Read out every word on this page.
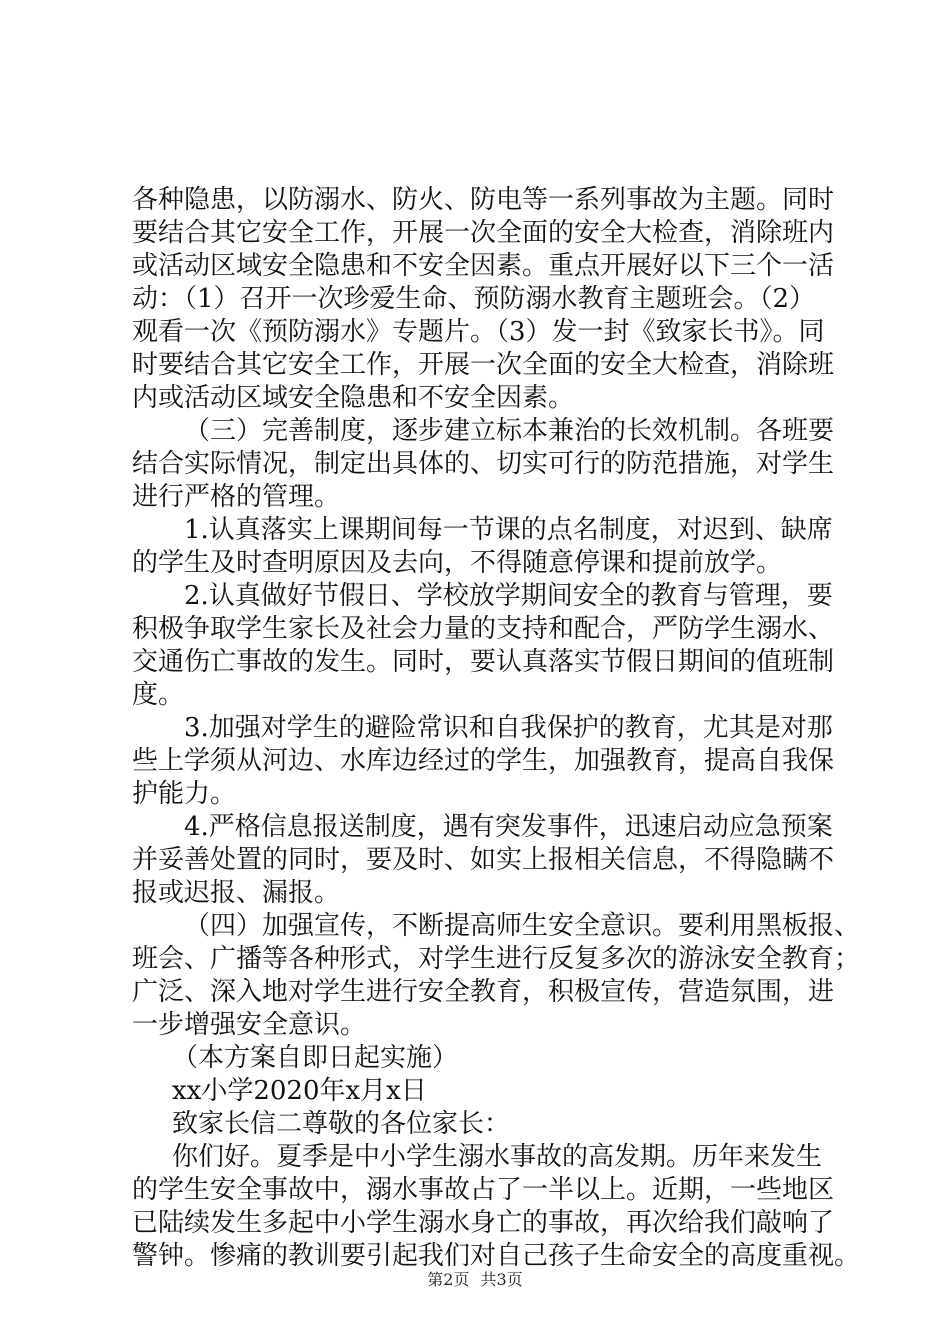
各种隐患，以防溺水、防火、防电等一系列事故为主题。同时
要结合其它安全工作，开展一次全面的安全大检查，消除班内
或活动区域安全隐患和不安全因素。重点开展好以下三个一活
动：（1）召开一次珍爱生命、预防溺水教育主题班会。（2）
观看一次《预防溺水》专题片。（3）发一封《致家长书》。同
时要结合其它安全工作，开展一次全面的安全大检查，消除班
内或活动区域安全隐患和不安全因素。
（三）完善制度，逐步建立标本兼治的长效机制。各班要
结合实际情况，制定出具体的、切实可行的防范措施，对学生
进行严格的管理。
1.认真落实上课期间每一节课的点名制度，对迟到、缺席
的学生及时查明原因及去向，不得随意停课和提前放学。
2.认真做好节假日、学校放学期间安全的教育与管理，要
积极争取学生家长及社会力量的支持和配合，严防学生溺水、
交通伤亡事故的发生。同时，要认真落实节假日期间的值班制
度。
3.加强对学生的避险常识和自我保护的教育，尤其是对那
些上学须从河边、水库边经过的学生，加强教育，提高自我保
护能力。
4.严格信息报送制度，遇有突发事件，迅速启动应急预案
并妥善处置的同时，要及时、如实上报相关信息，不得隐瞒不
报或迟报、漏报。
（四）加强宣传，不断提高师生安全意识。要利用黑板报、
班会、广播等各种形式，对学生进行反复多次的游泳安全教育；
广泛、深入地对学生进行安全教育，积极宣传，营造氛围，进
一步增强安全意识。
（本方案自即日起实施）
xx小学2020年x月x日
致家长信二尊敬的各位家长：
你们好。夏季是中小学生溺水事故的高发期。历年来发生
的学生安全事故中，溺水事故占了一半以上。近期，一些地区
已陆续发生多起中小学生溺水身亡的事故，再次给我们敲响了
警钟。惨痛的教训要引起我们对自己孩子生命安全的高度重视。
第2页 共3页
